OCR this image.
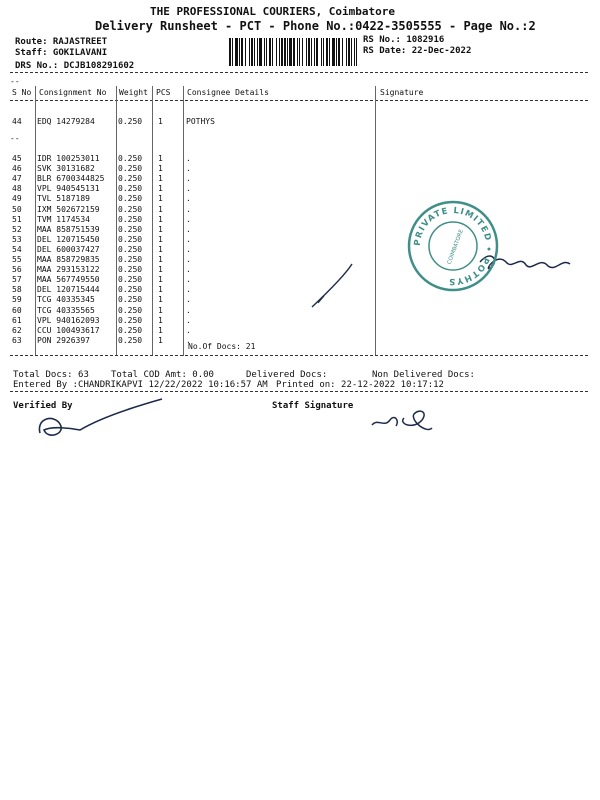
THE PROFESSIONAL COURIERS, Coimbatore
Delivery Runsheet - PCT - Phone No.:0422-3505555 - Page No.:2
Route: RAJASTREET
Staff: GOKILAVANI
DRS No.: DCJB108291602
RS No.: 1082916
RS Date: 22-Dec-2022
--
S No Consignment No Weight PCS Consignee Details	Signature
44 EDQ 14279284	0.250 1	POTHYS
--
45 IDR 100253011 0.250 1	.
46 SVK 30131682	0.250 1	.
47 BLR 6700344825 0.250 1	.
48 VPL 940545131 0.250 1	.
49 TVL 5187189	0.250 1	.
50 IXM 502672159 0.250 1	.
51 TVM 1174534	0.250 1	.
52 MAA 858751539 0.250 1	.
53 DEL 120715450 0.250 1	.
54 DEL 600037427 0.250 1	.
55 MAA 858729835 0.250 1	.
56 MAA 293153122 0.250 1	.
57 MAA 567749550 0.250 1	.
58 DEL 120715444 0.250 1	.
59 TCG 40335345	0.250 1	.
60 TCG 40335565	0.250 1	.
61 VPL 940162093 0.250 1	.
62 CCU 100493617 0.250 1	.
63 PON 2926397	0.250 1	.
No.Of Docs: 21
Total Docs: 63 Total COD Amt: 0.00	Delivered Docs:	Non Delivered Docs:
Entered By :CHANDRIKAPVI 12/22/2022 10:16:57 AM Printed on: 22-12-2022 10:17:12
Verified By	Staff Signature
PRIVATE LIMITED • POTHYS
COIMBATORE
